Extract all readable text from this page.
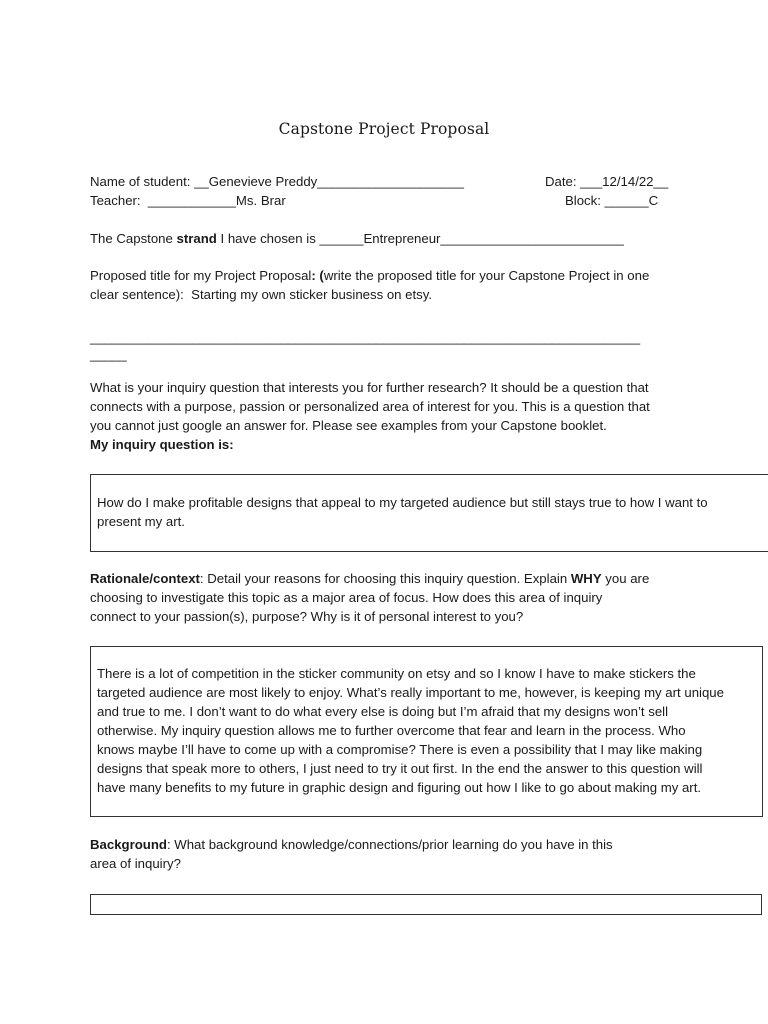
Capstone Project Proposal
Name of student: __Genevieve Preddy____________________	Date: ___12/14/22__
Teacher:  ____________Ms. Brar	Block: ______C
The Capstone strand I have chosen is ______Entrepreneur_________________________
Proposed title for my Project Proposal: (write the proposed title for your Capstone Project in one
clear sentence):  Starting my own sticker business on etsy.
___________________________________________________________________________
_____
What is your inquiry question that interests you for further research? It should be a question that
connects with a purpose, passion or personalized area of interest for you. This is a question that
you cannot just google an answer for. Please see examples from your Capstone booklet.
My inquiry question is:
How do I make profitable designs that appeal to my targeted audience but still stays true to how I want to
present my art.
Rationale/context: Detail your reasons for choosing this inquiry question. Explain WHY you are
choosing to investigate this topic as a major area of focus. How does this area of inquiry
connect to your passion(s), purpose? Why is it of personal interest to you?
There is a lot of competition in the sticker community on etsy and so I know I have to make stickers the
targeted audience are most likely to enjoy. What’s really important to me, however, is keeping my art unique
and true to me. I don’t want to do what every else is doing but I’m afraid that my designs won’t sell
otherwise. My inquiry question allows me to further overcome that fear and learn in the process. Who
knows maybe I’ll have to come up with a compromise? There is even a possibility that I may like making
designs that speak more to others, I just need to try it out first. In the end the answer to this question will
have many benefits to my future in graphic design and figuring out how I like to go about making my art.
Background: What background knowledge/connections/prior learning do you have in this
area of inquiry?
